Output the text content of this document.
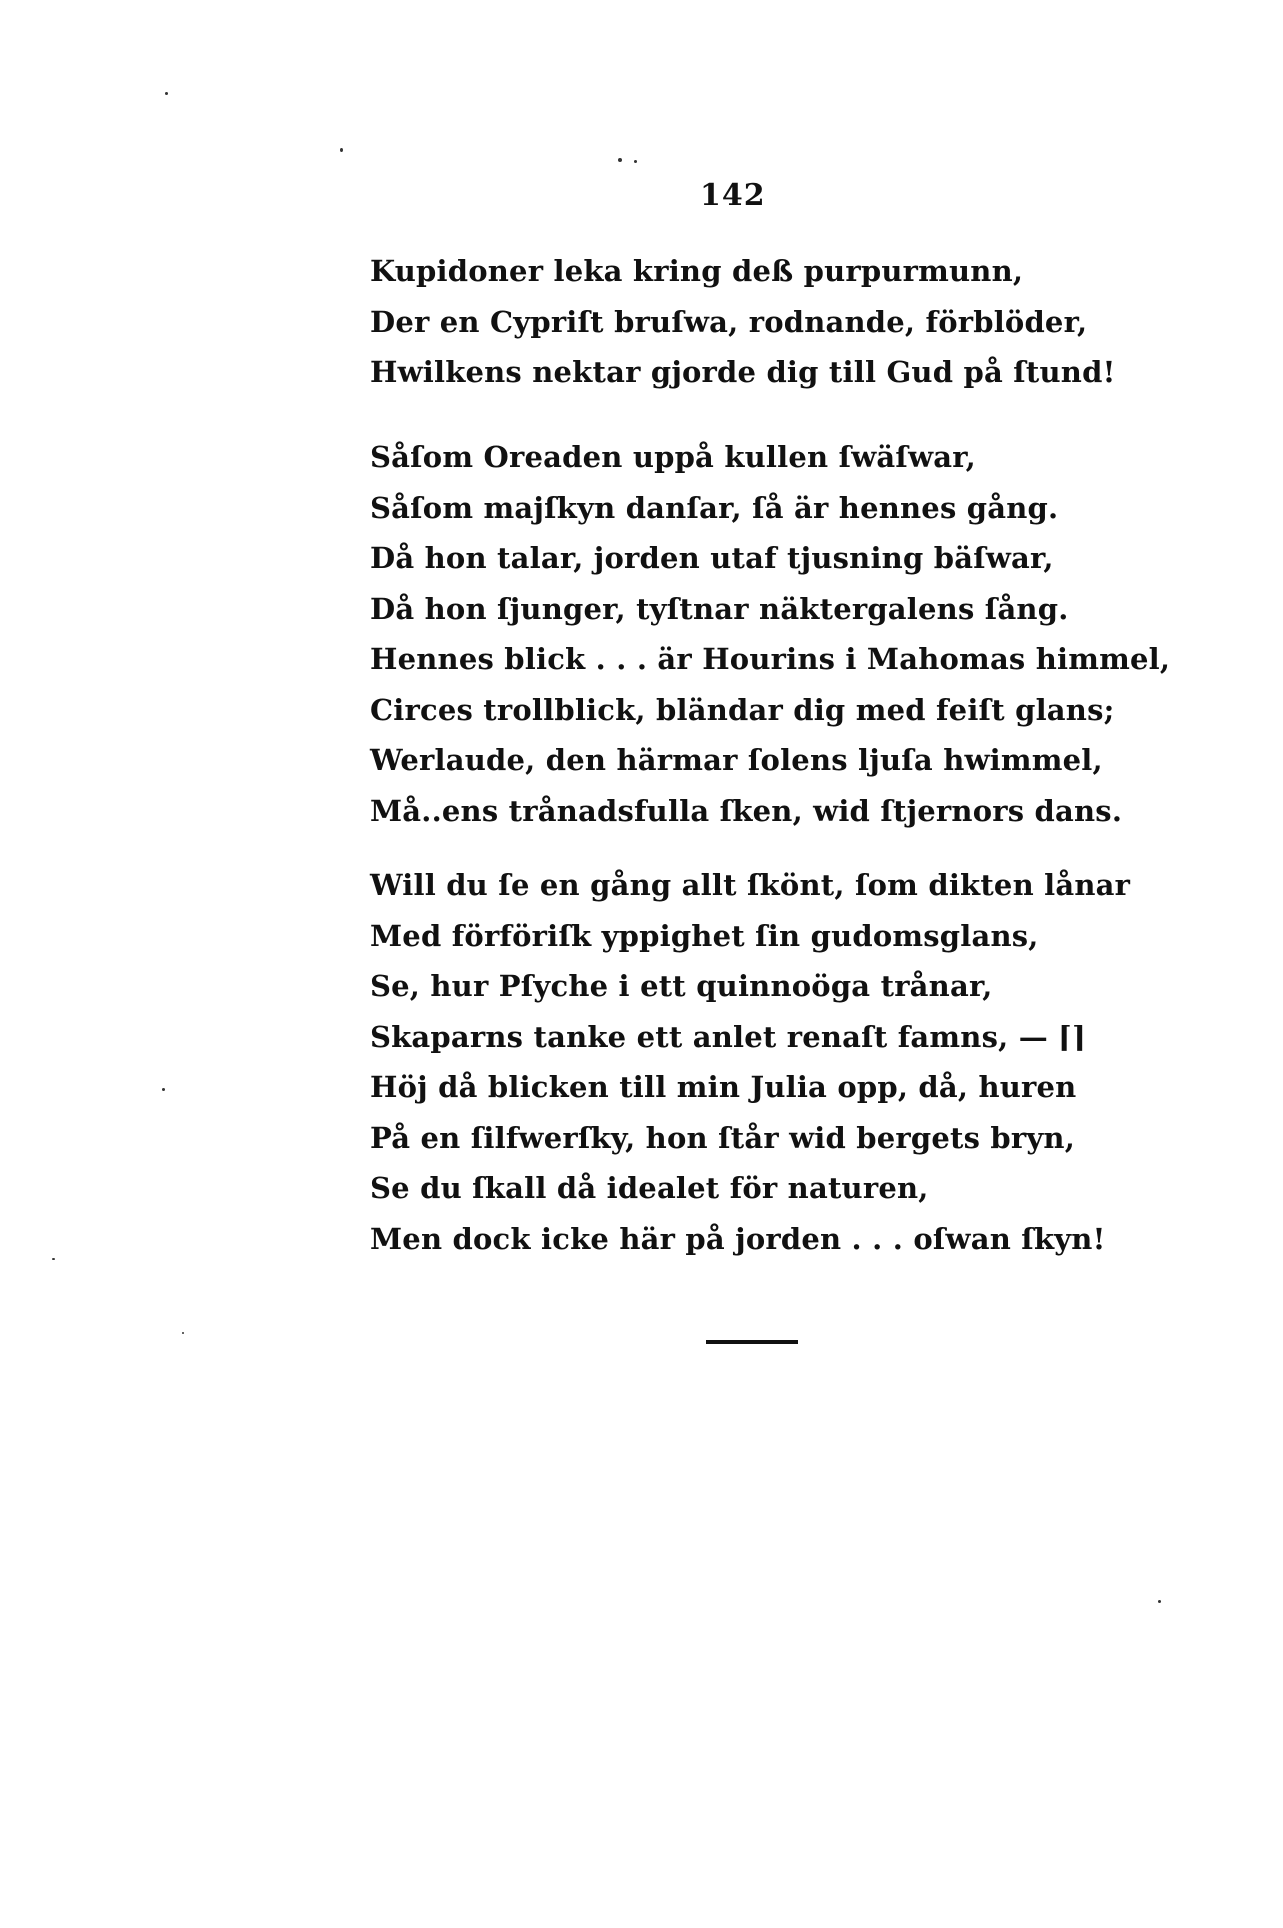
142
Kupidoner leka kring deß purpurmunn,
Der en Cypriſt bruſwa, rodnande, förblöder,
Hwilkens nektar gjorde dig till Gud på ſtund!
Såſom Oreaden uppå kullen ſwäſwar,
Såſom majſkyn danſar, ſå är hennes gång.
Då hon talar, jorden utaf tjusning bäſwar,
Då hon ſjunger, tyſtnar näktergalens ſång.
Hennes blick . . . är Hourins i Mahomas himmel,
Circes trollblick, bländar dig med feiſt glans;
Werlaude, den härmar ſolens ljuſa hwimmel,
Må..ens trånadsfulla ſken, wid ſtjernors dans.
Will du ſe en gång allt ſkönt, ſom dikten lånar
Med förföriſk yppighet ſin gudomsglans,
Se, hur Pſyche i ett quinnoöga trånar,
Skaparns tanke ett anlet renaſt famns, — ⌈⌉
Höj då blicken till min Julia opp, då, huren
På en ſilfwerſky, hon ſtår wid bergets bryn,
Se du ſkall då idealet för naturen,
Men dock icke här på jorden . . . oſwan ſkyn!
